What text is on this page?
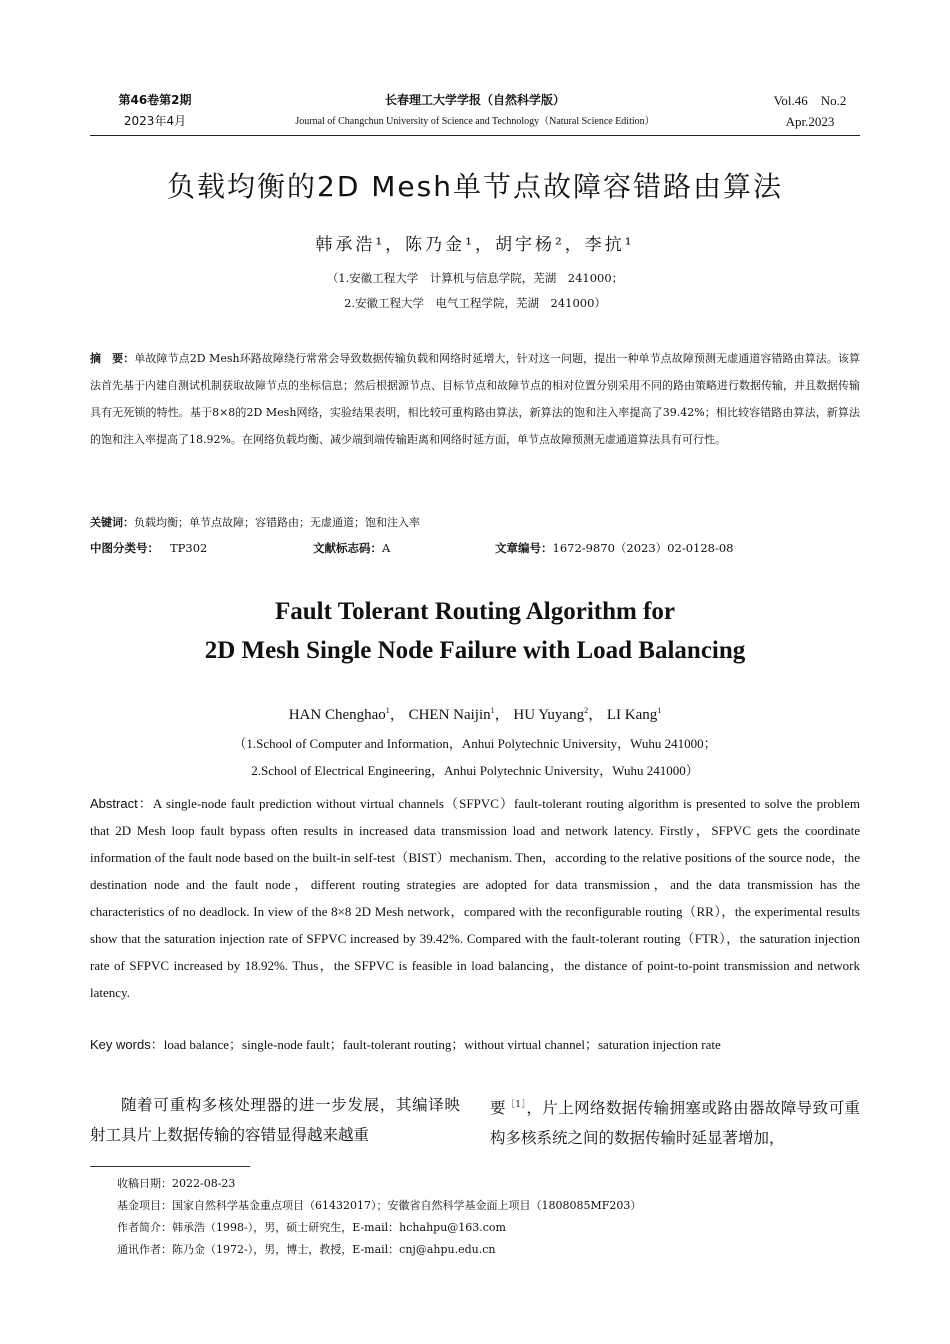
第46卷第2期
2023年4月
长春理工大学学报（自然科学版）
Journal of Changchun University of Science and Technology（Natural Science Edition）
Vol.46　No.2
Apr.2023
负载均衡的2D Mesh单节点故障容错路由算法
韩承浩¹，陈乃金¹，胡宇杨²，李抗¹
（1.安徽工程大学　计算机与信息学院，芜湖　241000；
2.安徽工程大学　电气工程学院，芜湖　241000）
摘　要：单故障节点2D Mesh环路故障绕行常常会导致数据传输负载和网络时延增大，针对这一问题，提出一种单节点故障预测无虚通道容错路由算法。该算法首先基于内建自测试机制获取故障节点的坐标信息；然后根据源节点、目标节点和故障节点的相对位置分别采用不同的路由策略进行数据传输，并且数据传输具有无死锁的特性。基于8×8的2D Mesh网络，实验结果表明，相比较可重构路由算法，新算法的饱和注入率提高了39.42%；相比较容错路由算法，新算法的饱和注入率提高了18.92%。在网络负载均衡、减少端到端传输距离和网络时延方面，单节点故障预测无虚通道算法具有可行性。
关键词：负载均衡；单节点故障；容错路由；无虚通道；饱和注入率
中图分类号： TP302	文献标志码：A	文章编号：1672-9870（2023）02-0128-08
Fault Tolerant Routing Algorithm for
2D Mesh Single Node Failure with Load Balancing
HAN Chenghao$^1$， CHEN Naijin$^1$， HU Yuyang$^2$， LI Kang$^1$
（1.School of Computer and Information，Anhui Polytechnic University，Wuhu 241000；
2.School of Electrical Engineering，Anhui Polytechnic University，Wuhu 241000）
Abstract：A single-node fault prediction without virtual channels（SFPVC）fault-tolerant routing algorithm is presented to solve the problem that 2D Mesh loop fault bypass often results in increased data transmission load and network latency. Firstly，SFPVC gets the coordinate information of the fault node based on the built-in self-test（BIST）mechanism. Then，according to the relative positions of the source node，the destination node and the fault node，different routing strategies are adopted for data transmission，and the data transmission has the characteristics of no deadlock. In view of the 8×8 2D Mesh network，compared with the reconfigurable routing（RR），the experimental results show that the saturation injection rate of SFPVC increased by 39.42%. Compared with the fault-tolerant routing（FTR），the saturation injection rate of SFPVC increased by 18.92%. Thus，the SFPVC is feasible in load balancing，the distance of point-to-point transmission and network latency.
Key words：load balance；single-node fault；fault-tolerant routing；without virtual channel；saturation injection rate
随着可重构多核处理器的进一步发展，其编译映射工具片上数据传输的容错显得越来越重
要$^{[1]}$，片上网络数据传输拥塞或路由器故障导致可重构多核系统之间的数据传输时延显著增加，
收稿日期：2022-08-23
基金项目：国家自然科学基金重点项目（61432017）；安徽省自然科学基金面上项目（1808085MF203）
作者简介：韩承浩（1998-），男，硕士研究生，E-mail：hchahpu@163.com
通讯作者：陈乃金（1972-），男，博士，教授，E-mail：cnj@ahpu.edu.cn
